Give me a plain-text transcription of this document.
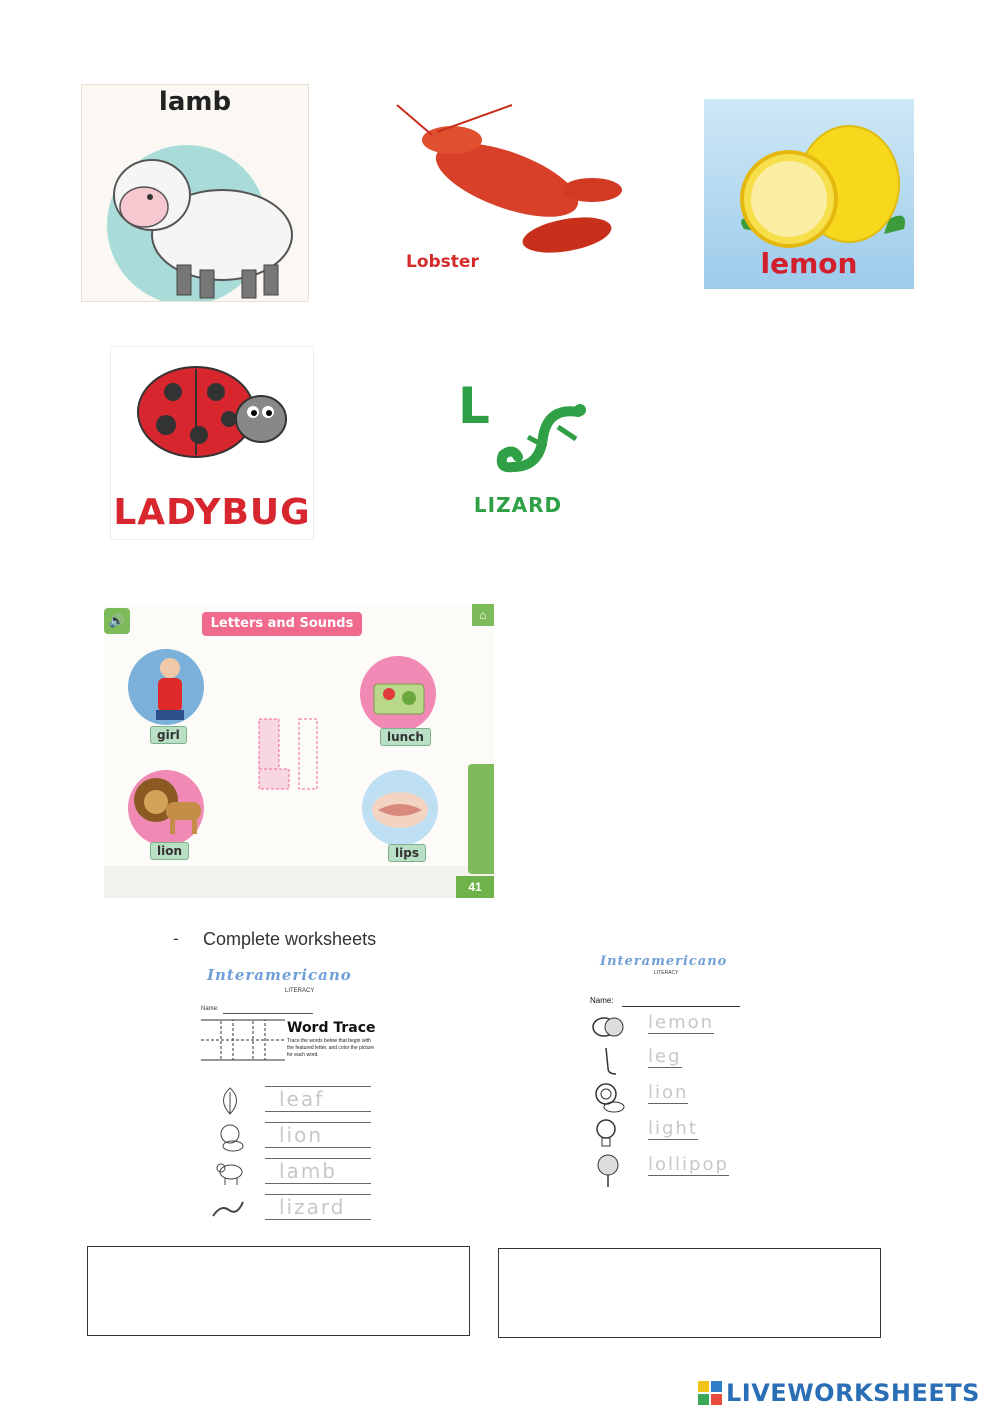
lamb
Lobster	lemon
LADYBUG
L
LIZARD
🔊	Letters and Sounds
⌂
girl	lunch
lion	lips
41
- Complete worksheets
Interamericano
LITERACY
Name:
Word Trace
Trace the words below that begin with the featured letter, and color the picture for each word.
leaf
lion
lamb
lizard
Interamericano
LITERACY
Name:
lemon
leg
lion
light
lollipop
LIVEWORKSHEETS
